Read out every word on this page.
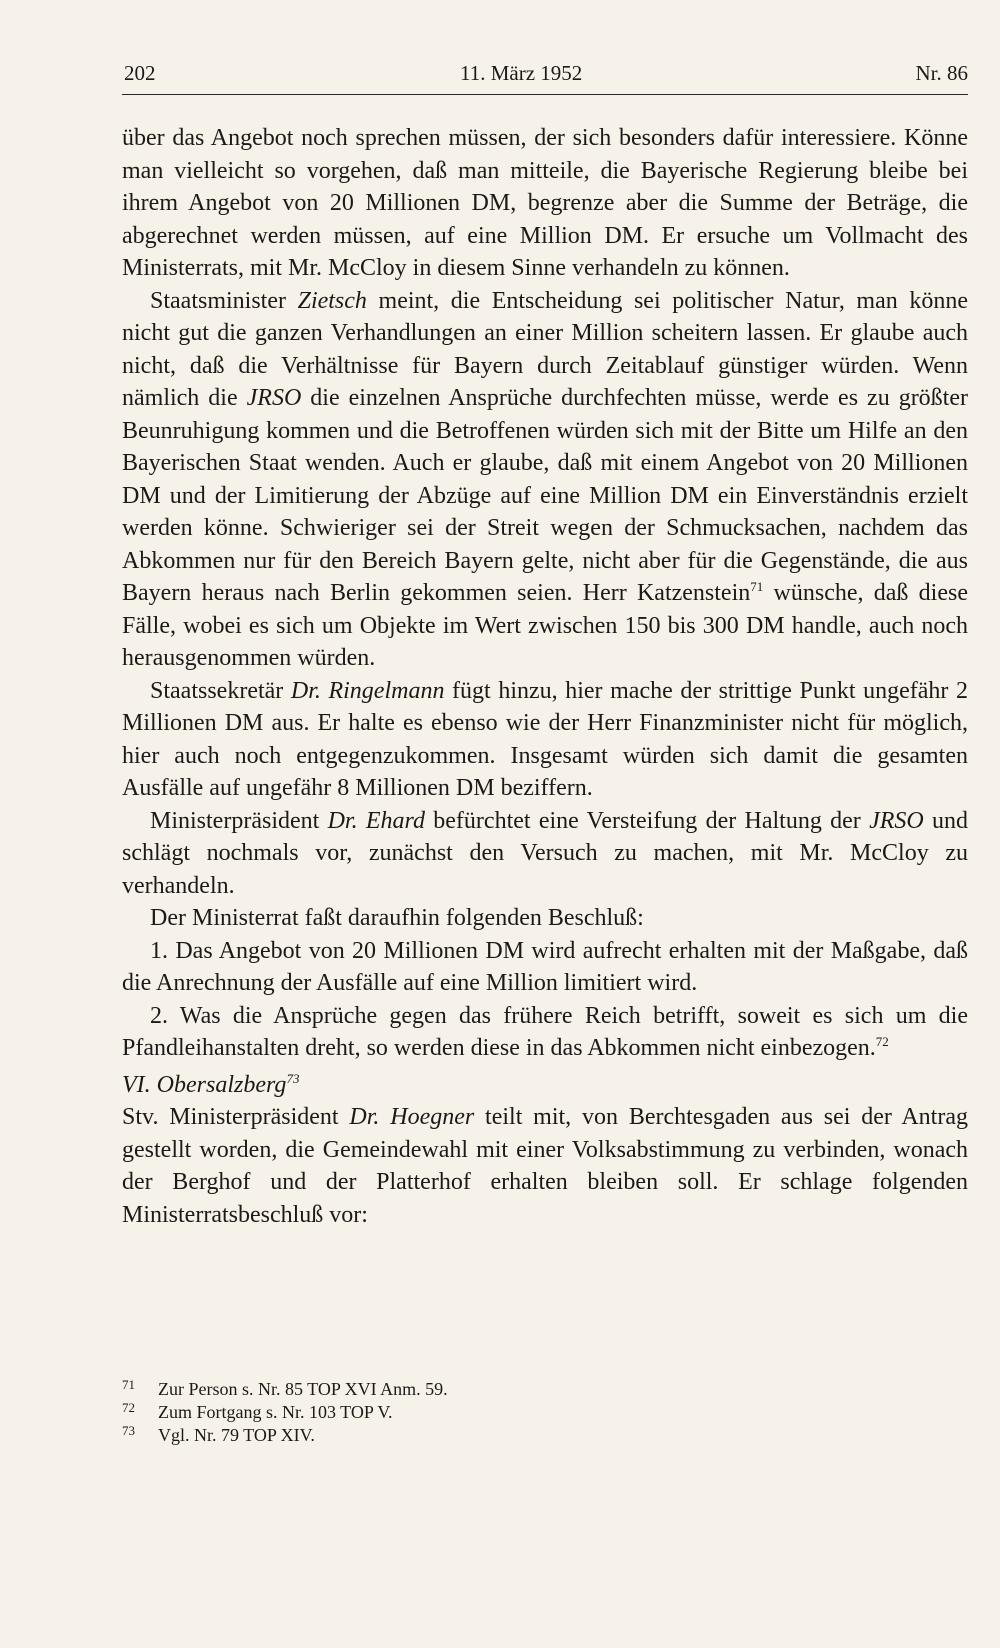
202	11. März 1952	Nr. 86

über das Angebot noch sprechen müssen, der sich besonders dafür interessiere. Könne man vielleicht so vorgehen, daß man mitteile, die Bayerische Regierung bleibe bei ihrem Angebot von 20 Millionen DM, begrenze aber die Summe der Beträge, die abgerechnet werden müssen, auf eine Million DM. Er ersuche um Vollmacht des Ministerrats, mit Mr. McCloy in diesem Sinne verhandeln zu können.

Staatsminister Zietsch meint, die Entscheidung sei politischer Natur, man könne nicht gut die ganzen Verhandlungen an einer Million scheitern lassen. Er glaube auch nicht, daß die Verhältnisse für Bayern durch Zeitablauf günstiger würden. Wenn nämlich die JRSO die einzelnen Ansprüche durchfechten müsse, werde es zu größter Beunruhigung kommen und die Betroffenen würden sich mit der Bitte um Hilfe an den Bayerischen Staat wenden. Auch er glaube, daß mit einem Angebot von 20 Millionen DM und der Limitierung der Abzüge auf eine Million DM ein Einverständnis erzielt werden könne. Schwieriger sei der Streit wegen der Schmucksachen, nachdem das Abkommen nur für den Bereich Bayern gelte, nicht aber für die Gegenstände, die aus Bayern heraus nach Berlin gekommen seien. Herr Katzenstein$^{71}$ wünsche, daß diese Fälle, wobei es sich um Objekte im Wert zwischen 150 bis 300 DM handle, auch noch herausgenommen würden.

Staatssekretär Dr. Ringelmann fügt hinzu, hier mache der strittige Punkt ungefähr 2 Millionen DM aus. Er halte es ebenso wie der Herr Finanzminister nicht für möglich, hier auch noch entgegenzukommen. Insgesamt würden sich damit die gesamten Ausfälle auf ungefähr 8 Millionen DM beziffern.

Ministerpräsident Dr. Ehard befürchtet eine Versteifung der Haltung der JRSO und schlägt nochmals vor, zunächst den Versuch zu machen, mit Mr. McCloy zu verhandeln.

Der Ministerrat faßt daraufhin folgenden Beschluß:

1. Das Angebot von 20 Millionen DM wird aufrecht erhalten mit der Maßgabe, daß die Anrechnung der Ausfälle auf eine Million limitiert wird.

2. Was die Ansprüche gegen das frühere Reich betrifft, soweit es sich um die Pfandleihanstalten dreht, so werden diese in das Abkommen nicht einbezogen.$^{72}$

VI. Obersalzberg$^{73}$

Stv. Ministerpräsident Dr. Hoegner teilt mit, von Berchtesgaden aus sei der Antrag gestellt worden, die Gemeindewahl mit einer Volksabstimmung zu verbinden, wonach der Berghof und der Platterhof erhalten bleiben soll. Er schlage folgenden Ministerratsbeschluß vor:

71 Zur Person s. Nr. 85 TOP XVI Anm. 59.

72 Zum Fortgang s. Nr. 103 TOP V.

73 Vgl. Nr. 79 TOP XIV.
